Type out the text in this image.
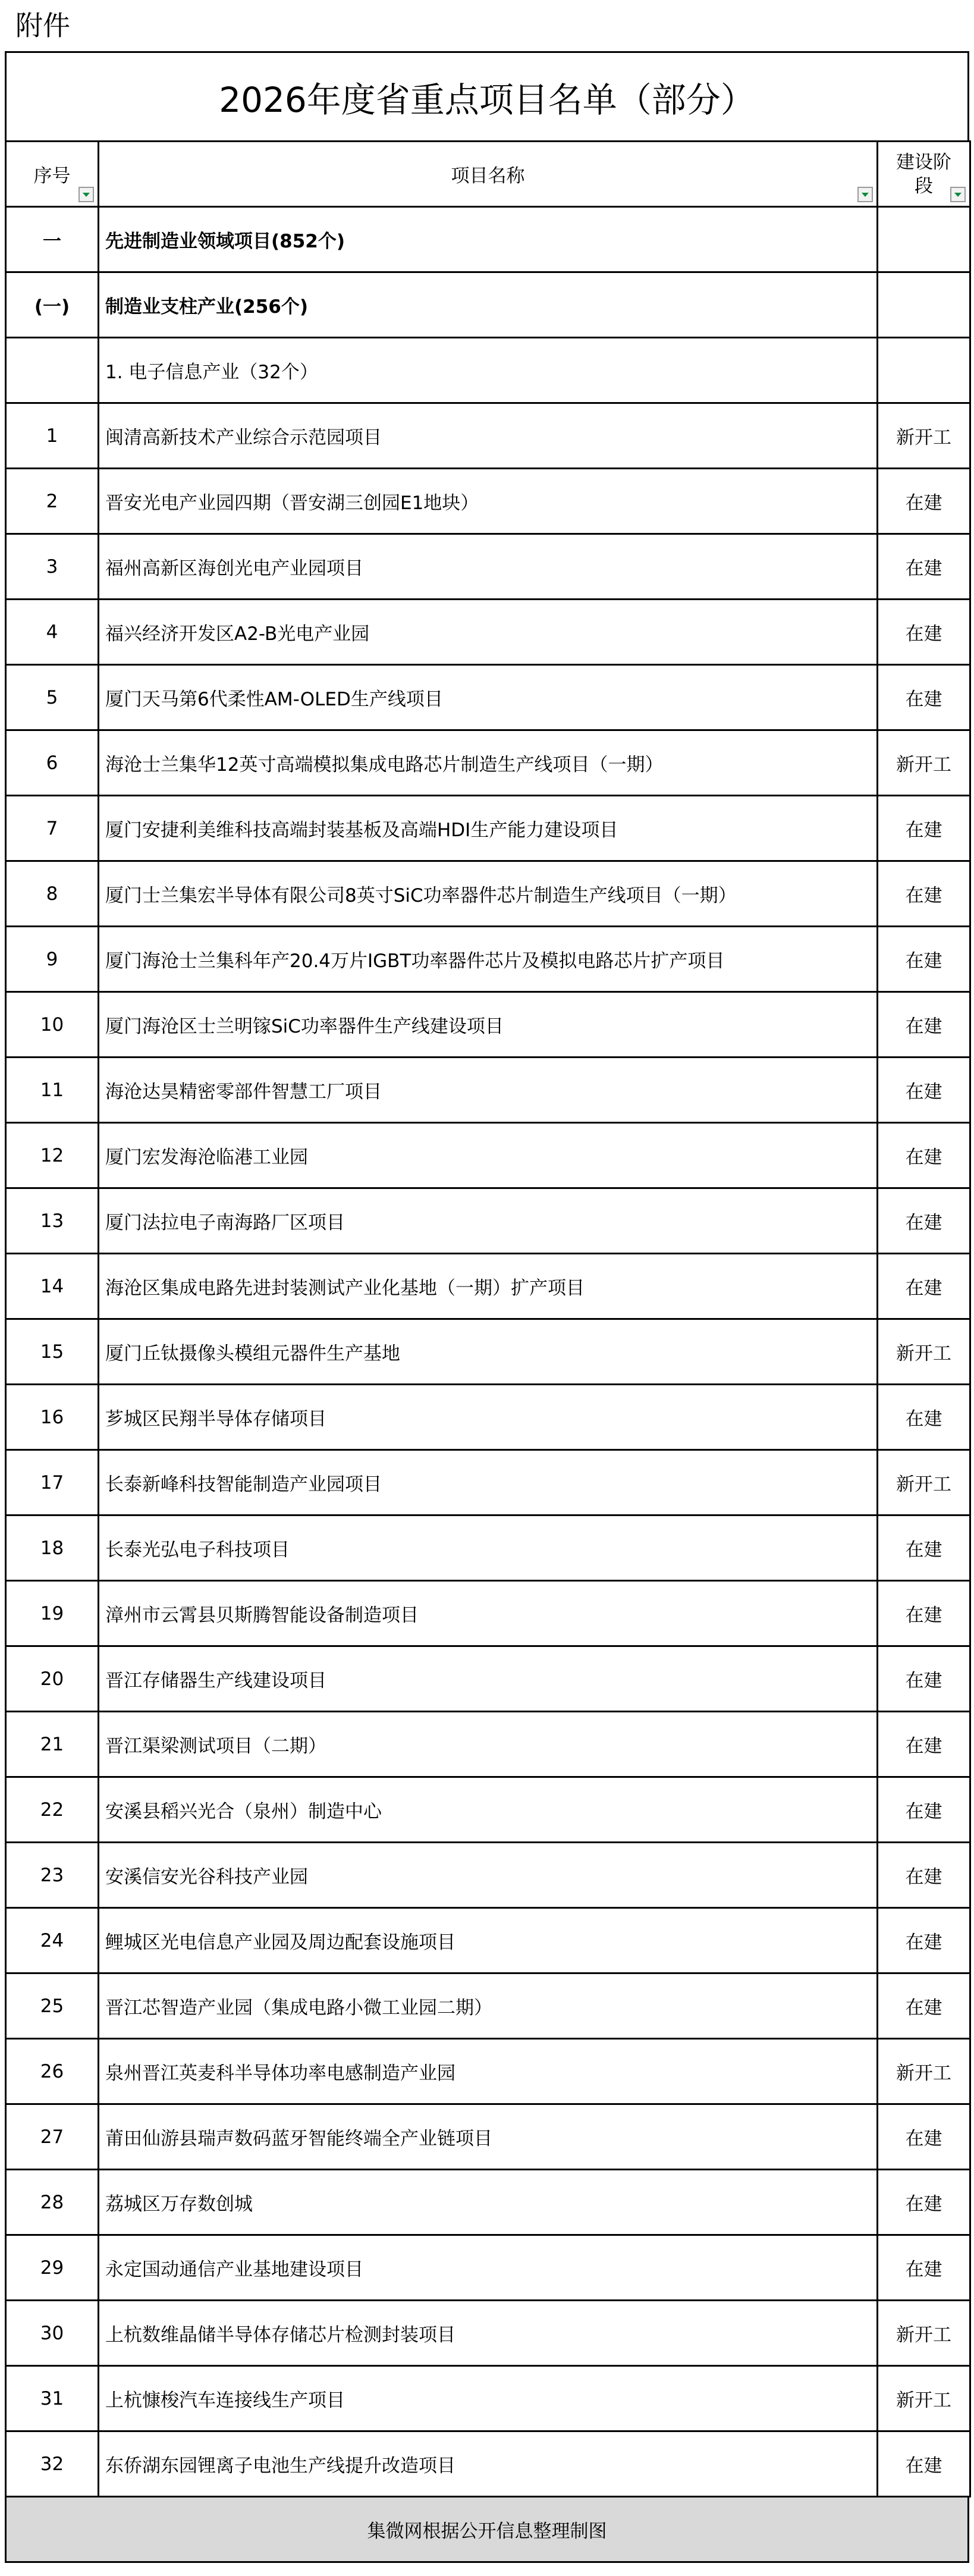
附件
2026年度省重点项目名单（部分）
序号	项目名称	建设阶段

一	先进制造业领域项目(852个)	
(一)	制造业支柱产业(256个)	
	1. 电子信息产业（32个）	
1	闽清高新技术产业综合示范园项目	新开工
2	晋安光电产业园四期（晋安湖三创园E1地块）	在建
3	福州高新区海创光电产业园项目	在建
4	福兴经济开发区A2-B光电产业园	在建
5	厦门天马第6代柔性AM-OLED生产线项目	在建
6	海沧士兰集华12英寸高端模拟集成电路芯片制造生产线项目（一期）	新开工
7	厦门安捷利美维科技高端封装基板及高端HDI生产能力建设项目	在建
8	厦门士兰集宏半导体有限公司8英寸SiC功率器件芯片制造生产线项目（一期）	在建
9	厦门海沧士兰集科年产20.4万片IGBT功率器件芯片及模拟电路芯片扩产项目	在建
10	厦门海沧区士兰明镓SiC功率器件生产线建设项目	在建
11	海沧达昊精密零部件智慧工厂项目	在建
12	厦门宏发海沧临港工业园	在建
13	厦门法拉电子南海路厂区项目	在建
14	海沧区集成电路先进封装测试产业化基地（一期）扩产项目	在建
15	厦门丘钛摄像头模组元器件生产基地	新开工
16	芗城区民翔半导体存储项目	在建
17	长泰新峰科技智能制造产业园项目	新开工
18	长泰光弘电子科技项目	在建
19	漳州市云霄县贝斯腾智能设备制造项目	在建
20	晋江存储器生产线建设项目	在建
21	晋江渠梁测试项目（二期）	在建
22	安溪县稻兴光合（泉州）制造中心	在建
23	安溪信安光谷科技产业园	在建
24	鲤城区光电信息产业园及周边配套设施项目	在建
25	晋江芯智造产业园（集成电路小微工业园二期）	在建
26	泉州晋江英麦科半导体功率电感制造产业园	新开工
27	莆田仙游县瑞声数码蓝牙智能终端全产业链项目	在建
28	荔城区万存数创城	在建
29	永定国动通信产业基地建设项目	在建
30	上杭数维晶储半导体存储芯片检测封装项目	新开工
31	上杭慷梭汽车连接线生产项目	新开工
32	东侨湖东园锂离子电池生产线提升改造项目	在建
集微网根据公开信息整理制图
